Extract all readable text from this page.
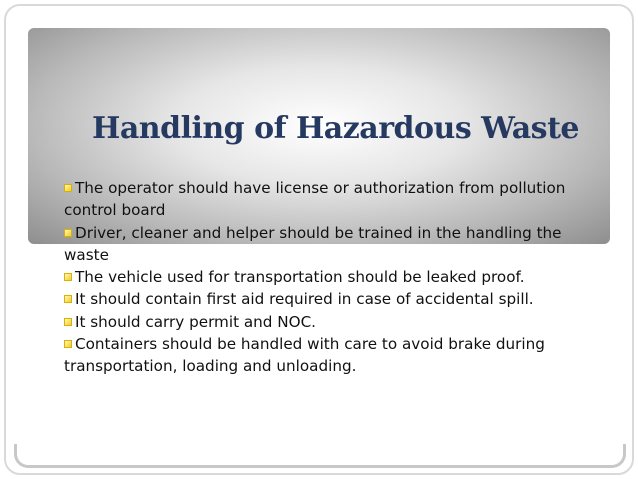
Handling of Hazardous Waste
The operator should have license or authorization from pollution control board
Driver, cleaner and helper should be trained in the handling the waste
The vehicle used for transportation should be leaked proof.
It should contain first aid required in case of accidental spill.
It should carry permit and NOC.
Containers should be handled with care to avoid brake during transportation, loading and unloading.
